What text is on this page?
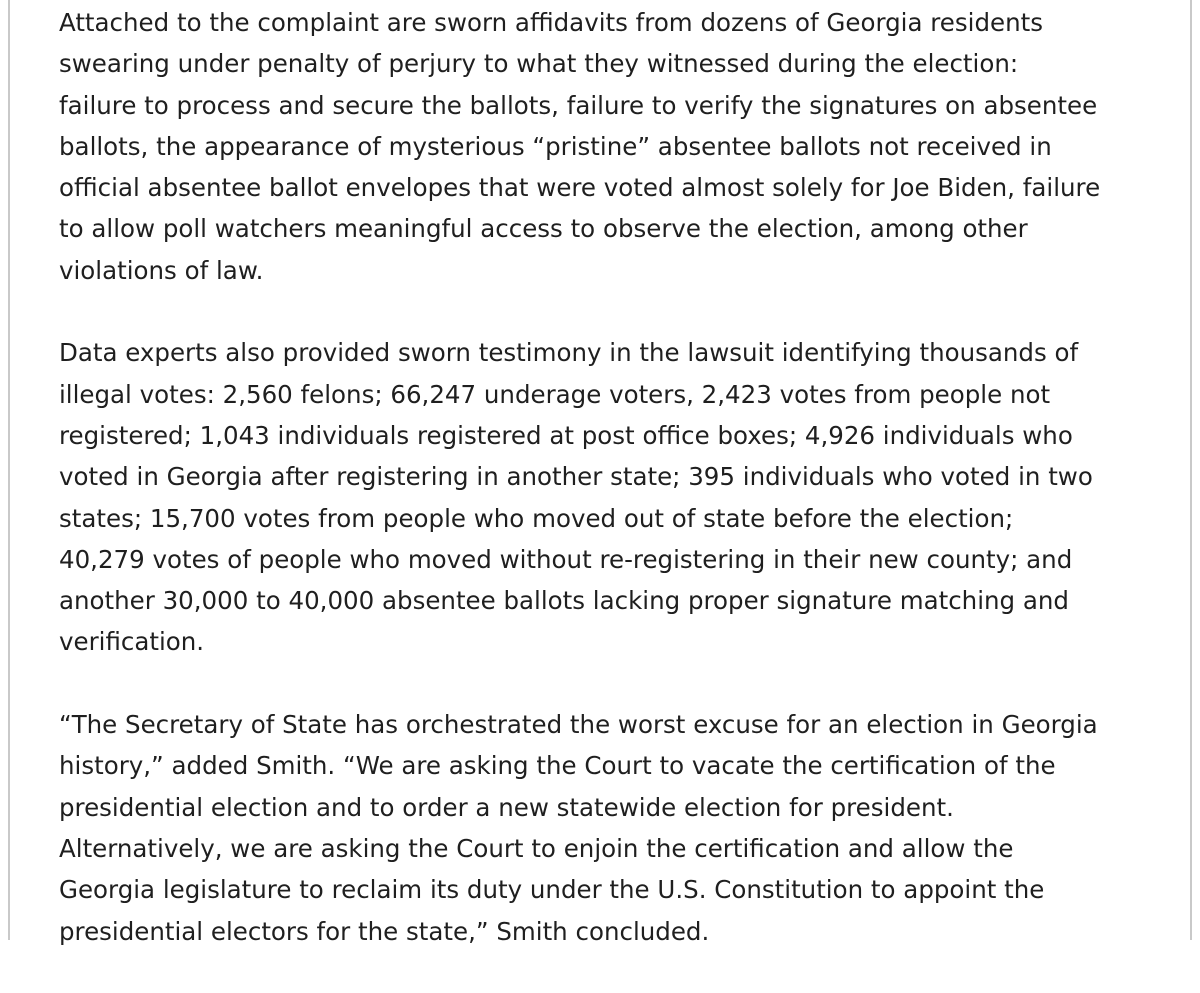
Attached to the complaint are sworn affidavits from dozens of Georgia residents
swearing under penalty of perjury to what they witnessed during the election:
failure to process and secure the ballots, failure to verify the signatures on absentee
ballots, the appearance of mysterious “pristine” absentee ballots not received in
official absentee ballot envelopes that were voted almost solely for Joe Biden, failure
to allow poll watchers meaningful access to observe the election, among other
violations of law.

Data experts also provided sworn testimony in the lawsuit identifying thousands of
illegal votes: 2,560 felons; 66,247 underage voters, 2,423 votes from people not
registered; 1,043 individuals registered at post office boxes; 4,926 individuals who
voted in Georgia after registering in another state; 395 individuals who voted in two
states; 15,700 votes from people who moved out of state before the election;
40,279 votes of people who moved without re-registering in their new county; and
another 30,000 to 40,000 absentee ballots lacking proper signature matching and
verification.

“The Secretary of State has orchestrated the worst excuse for an election in Georgia
history,” added Smith. “We are asking the Court to vacate the certification of the
presidential election and to order a new statewide election for president.
Alternatively, we are asking the Court to enjoin the certification and allow the
Georgia legislature to reclaim its duty under the U.S. Constitution to appoint the
presidential electors for the state,” Smith concluded.
